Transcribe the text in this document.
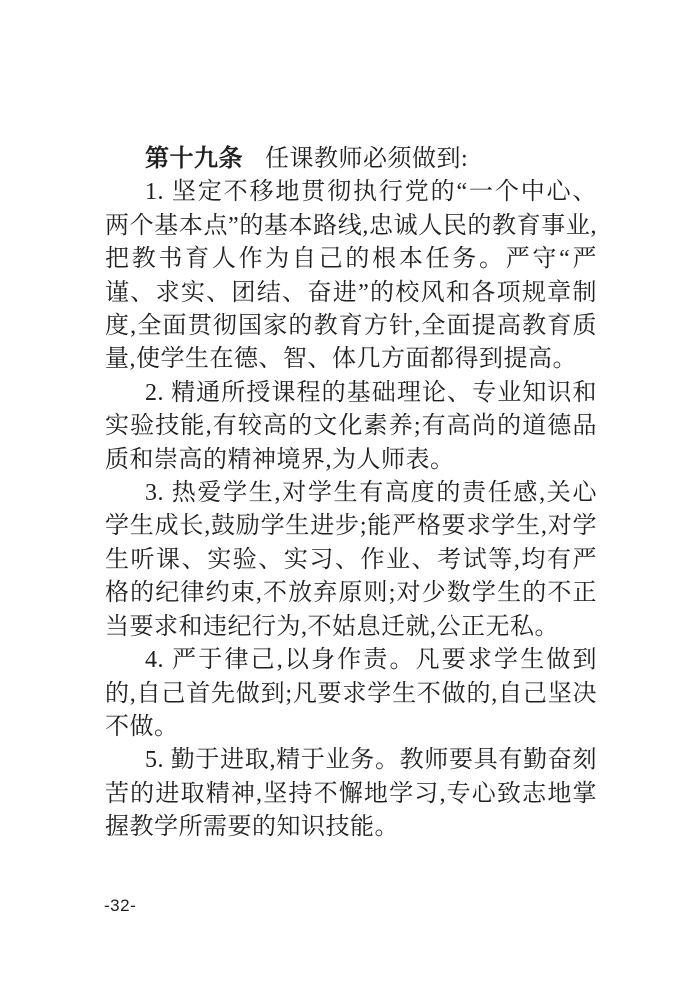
第十九条 任课教师必须做到:

1. 坚定不移地贯彻执行党的“一个中心、两个基本点”的基本路线,忠诚人民的教育事业,把教书育人作为自己的根本任务。严守“严谨、求实、团结、奋进”的校风和各项规章制度,全面贯彻国家的教育方针,全面提高教育质量,使学生在德、智、体几方面都得到提高。

2. 精通所授课程的基础理论、专业知识和实验技能,有较高的文化素养;有高尚的道德品质和崇高的精神境界,为人师表。

3. 热爱学生,对学生有高度的责任感,关心学生成长,鼓励学生进步;能严格要求学生,对学生听课、实验、实习、作业、考试等,均有严格的纪律约束,不放弃原则;对少数学生的不正当要求和违纪行为,不姑息迁就,公正无私。

4. 严于律己,以身作责。凡要求学生做到的,自己首先做到;凡要求学生不做的,自己坚决不做。

5. 勤于进取,精于业务。教师要具有勤奋刻苦的进取精神,坚持不懈地学习,专心致志地掌握教学所需要的知识技能。

-32-
